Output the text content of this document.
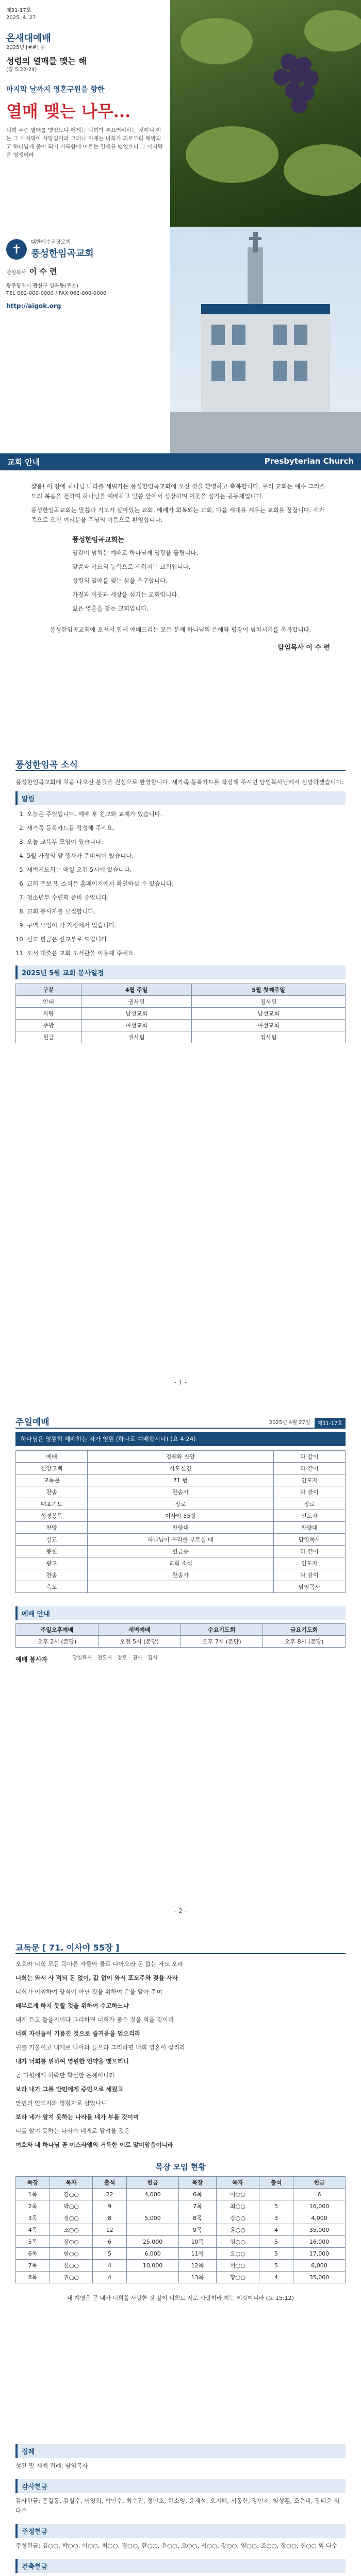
제31-17호
2025. 4. 27
온새대예배
2025년 [##] 주
성령의 열매를 맺는 해
(갈 5:22-24)
마지막 날까지 영혼구원을 향한
열매 맺는 나무...
너희 무슨 열매를 맺었느냐 이제는 너희가 부끄러워하는 것이니 이는 그 마지막이 사망임이라 그러나 이제는 너희가 죄로부터 해방되고 하나님께 종이 되어 거룩함에 이르는 열매를 맺었으니 그 마지막은 영생이라
✝	대한예수교장로회
풍성한임곡교회
담임목사 이 수 련
광주광역시 광산구 임곡동(주소)
TEL 062-000-0000 / FAX 062-000-0000
http://aigok.org
교회 안내	Presbyterian Church

샬롬! 이 땅에 하나님 나라를 세워가는 풍성한임곡교회에 오신 것을 환영하고 축복합니다. 우리 교회는 예수 그리스도의 복음을 전하며 하나님을 예배하고 말씀 안에서 성장하며 이웃을 섬기는 공동체입니다.

풍성한임곡교회는 말씀과 기도가 살아있는 교회, 예배가 회복되는 교회, 다음 세대를 세우는 교회를 꿈꿉니다. 새가족으로 오신 여러분을 주님의 이름으로 환영합니다.

풍성한임곡교회는
영감이 넘치는 예배로 하나님께 영광을 돌립니다.
말씀과 기도의 능력으로 세워지는 교회입니다.
성령의 열매를 맺는 삶을 추구합니다.
가정과 이웃과 세상을 섬기는 교회입니다.
잃은 영혼을 찾는 교회입니다.

풍성한임곡교회에 오셔서 함께 예배드리는 모든 분께 하나님의 은혜와 평강이 넘치시기를 축복합니다.

담임목사 이 수 련
풍성한임곡 소식

풍성한임곡교회에 처음 나오신 분들을 진심으로 환영합니다. 새가족 등록카드를 작성해 주시면 담임목사님께서 심방하겠습니다.

알림
1. 오늘은 주일입니다. 예배 후 친교와 교제가 있습니다.
2. 새가족 등록카드를 작성해 주세요.
3. 오늘 교육부 모임이 있습니다.
4. 5월 가정의 달 행사가 준비되어 있습니다.
5. 새벽기도회는 매일 오전 5시에 있습니다.
6. 교회 주보 및 소식은 홈페이지에서 확인하실 수 있습니다.
7. 청소년부 수련회 준비 중입니다.
8. 교회 봉사자를 모집합니다.
9. 구역 모임이 각 가정에서 있습니다.
10. 선교 헌금은 선교부로 드립니다.
11. 도서 대출은 교회 도서관을 이용해 주세요.
2025년 5월 교회 봉사일정
구분	4월 주일	5월 첫째주일
안내	권사팀	집사팀
차량	남선교회	남선교회
주방	여선교회	여선교회
헌금	권사팀	집사팀
- 1 -
주일예배	2025년 4월 27일	제31-17호
하나님은 영원히 예배하는 자가 영원 (하나로 예배합시다) (요 4:24)
예배	경배와 찬양	다 같이
신앙고백	사도신경	다 같이
교독문	71 번	인도자
찬송	찬송가	다 같이
대표기도	장로	장로
성경봉독	이사야 55장	인도자
찬양	찬양대	찬양대
설교	하나님이 우리를 부르실 때	담임목사
봉헌	헌금송	다 같이
광고	교회 소식	인도자
찬송	찬송가	다 같이
축도		담임목사
예배 안내
주일오후예배	새벽예배	수요기도회	금요기도회
오후 2시 (본당)	오전 5시 (본당)	오후 7시 (본당)	오후 8시 (본당)
예배 봉사자	담임목사 전도사 장로 권사 집사
- 2 -
교독문 [ 71. 이사야 55장 ]
오호라 너희 모든 목마른 자들아 물로 나아오라 돈 없는 자도 오라
너희는 와서 사 먹되 돈 없이, 값 없이 와서 포도주와 젖을 사라
너희가 어찌하여 양식이 아닌 것을 위하여 은을 달아 주며
배부르게 하지 못할 것을 위하여 수고하느냐
내게 듣고 들을지어다 그리하면 너희가 좋은 것을 먹을 것이며
너희 자신들이 기름진 것으로 즐거움을 얻으리라
귀를 기울이고 내게로 나아와 들으라 그리하면 너희 영혼이 살리라
내가 너희를 위하여 영원한 언약을 맺으리니
곧 다윗에게 허락한 확실한 은혜이니라
보라 내가 그를 만민에게 증인으로 세웠고
만민의 인도자와 명령자로 삼았나니
보라 네가 알지 못하는 나라를 네가 부를 것이며
너를 알지 못하는 나라가 네게로 달려올 것은
여호와 네 하나님 곧 이스라엘의 거룩한 이로 말미암음이니라
목장 모임 현황
목장	목자	출석	헌금	목장	목자	출석	헌금
1목	김○○	22	4,000	6목	이○○		6
2목	박○○	9		7목	최○○	5	16,000
3목	정○○	8	5,000	8목	강○○	3	4,000
4목	조○○	12		9목	윤○○	4	35,000
5목	장○○	6	25,000	10목	임○○	5	16,000
6목	한○○	5	6,000	11목	오○○	5	17,000
7목	신○○	4	10,000	12목	서○○	5	6,000
8목	권○○	4		13목	황○○	4	35,000
내 계명은 곧 내가 너희를 사랑한 것 같이 너희도 서로 사랑하라 하는 이것이니라 (요 15:12)
집례
성찬 및 세례 집례: 담임목사
감사헌금
감사헌금: 홍길동, 김철수, 이영희, 박민수, 최수진, 정민호, 한소영, 윤재석, 오지혜, 서동현, 강민지, 임성훈, 조은비, 장태윤 외 다수
주정헌금
주정헌금: 김○○, 박○○, 이○○, 최○○, 정○○, 한○○, 윤○○, 오○○, 서○○, 강○○, 임○○, 조○○, 장○○, 신○○ 외 다수
건축헌금
